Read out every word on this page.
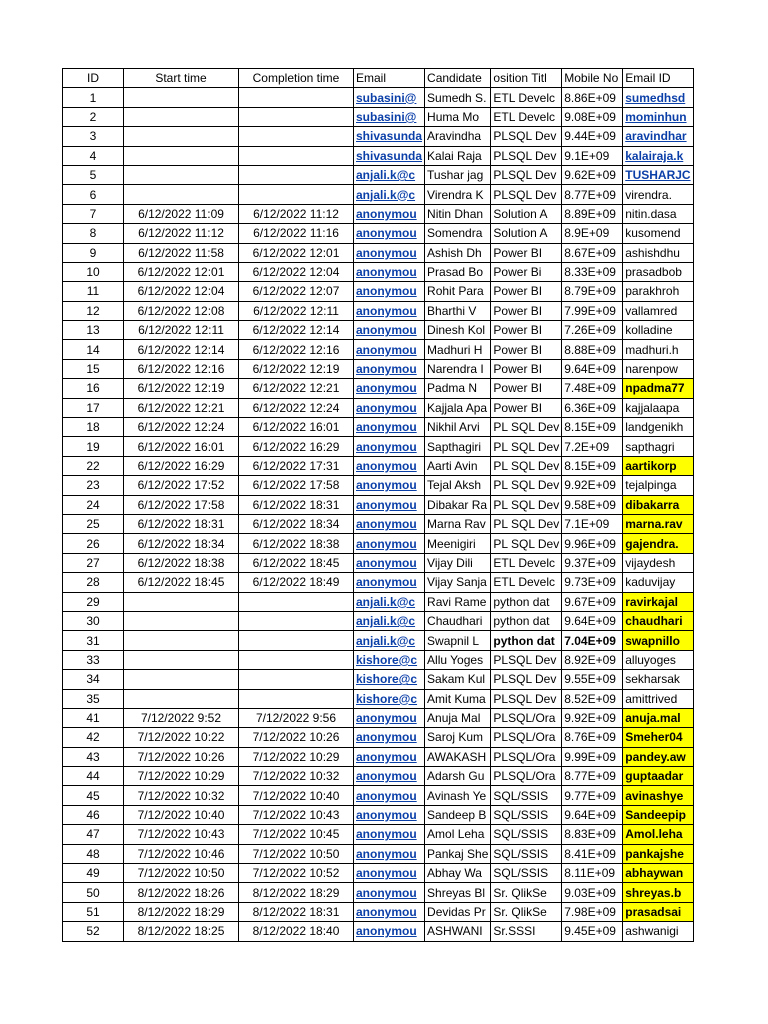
ID	Start time	Completion time	Email	Candidate	osition Titl	Mobile No	Email ID
1			subasini@	Sumedh S.	ETL Develc	8.86E+09	sumedhsd
2			subasini@	Huma Mo	ETL Develc	9.08E+09	mominhun
3			shivasunda	Aravindha	PLSQL Dev	9.44E+09	aravindhar
4			shivasunda	Kalai Raja	PLSQL Dev	9.1E+09	kalairaja.k
5			anjali.k@c	Tushar jag	PLSQL Dev	9.62E+09	TUSHARJC
6			anjali.k@c	Virendra K	PLSQL Dev	8.77E+09	virendra.
7	6/12/2022 11:09	6/12/2022 11:12	anonymou	Nitin Dhan	Solution A	8.89E+09	nitin.dasa
8	6/12/2022 11:12	6/12/2022 11:16	anonymou	Somendra	Solution A	8.9E+09	kusomend
9	6/12/2022 11:58	6/12/2022 12:01	anonymou	Ashish Dh	Power BI	8.67E+09	ashishdhu
10	6/12/2022 12:01	6/12/2022 12:04	anonymou	Prasad Bo	Power Bi	8.33E+09	prasadbob
11	6/12/2022 12:04	6/12/2022 12:07	anonymou	Rohit Para	Power BI	8.79E+09	parakhroh
12	6/12/2022 12:08	6/12/2022 12:11	anonymou	Bharthi V	Power BI	7.99E+09	vallamred
13	6/12/2022 12:11	6/12/2022 12:14	anonymou	Dinesh Kol	Power BI	7.26E+09	kolladine
14	6/12/2022 12:14	6/12/2022 12:16	anonymou	Madhuri H	Power BI	8.88E+09	madhuri.h
15	6/12/2022 12:16	6/12/2022 12:19	anonymou	Narendra I	Power BI	9.64E+09	narenpow
16	6/12/2022 12:19	6/12/2022 12:21	anonymou	Padma N	Power BI	7.48E+09	npadma77
17	6/12/2022 12:21	6/12/2022 12:24	anonymou	Kajjala Apa	Power BI	6.36E+09	kajjalaapa
18	6/12/2022 12:24	6/12/2022 16:01	anonymou	Nikhil Arvi	PL SQL Dev	8.15E+09	landgenikh
19	6/12/2022 16:01	6/12/2022 16:29	anonymou	Sapthagiri	PL SQL Dev	7.2E+09	sapthagri
22	6/12/2022 16:29	6/12/2022 17:31	anonymou	Aarti Avin	PL SQL Dev	8.15E+09	aartikorp
23	6/12/2022 17:52	6/12/2022 17:58	anonymou	Tejal Aksh	PL SQL Dev	9.92E+09	tejalpinga
24	6/12/2022 17:58	6/12/2022 18:31	anonymou	Dibakar Ra	PL SQL Dev	9.58E+09	dibakarra
25	6/12/2022 18:31	6/12/2022 18:34	anonymou	Marna Rav	PL SQL Dev	7.1E+09	marna.rav
26	6/12/2022 18:34	6/12/2022 18:38	anonymou	Meenigiri	PL SQL Dev	9.96E+09	gajendra.
27	6/12/2022 18:38	6/12/2022 18:45	anonymou	Vijay Dili	ETL Develc	9.37E+09	vijaydesh
28	6/12/2022 18:45	6/12/2022 18:49	anonymou	Vijay Sanja	ETL Develc	9.73E+09	kaduvijay
29			anjali.k@c	Ravi Rame	python dat	9.67E+09	ravirkajal
30			anjali.k@c	Chaudhari	python dat	9.64E+09	chaudhari
31			anjali.k@c	Swapnil L	python dat	7.04E+09	swapnillo
33			kishore@c	Allu Yoges	PLSQL Dev	8.92E+09	alluyoges
34			kishore@c	Sakam Kul	PLSQL Dev	9.55E+09	sekharsak
35			kishore@c	Amit Kuma	PLSQL Dev	8.52E+09	amittrived
41	7/12/2022 9:52	7/12/2022 9:56	anonymou	Anuja Mal	PLSQL/Ora	9.92E+09	anuja.mal
42	7/12/2022 10:22	7/12/2022 10:26	anonymou	Saroj Kum	PLSQL/Ora	8.76E+09	Smeher04
43	7/12/2022 10:26	7/12/2022 10:29	anonymou	AWAKASH	PLSQL/Ora	9.99E+09	pandey.aw
44	7/12/2022 10:29	7/12/2022 10:32	anonymou	Adarsh Gu	PLSQL/Ora	8.77E+09	guptaadar
45	7/12/2022 10:32	7/12/2022 10:40	anonymou	Avinash Ye	SQL/SSIS	9.77E+09	avinashye
46	7/12/2022 10:40	7/12/2022 10:43	anonymou	Sandeep B	SQL/SSIS	9.64E+09	Sandeepip
47	7/12/2022 10:43	7/12/2022 10:45	anonymou	Amol Leha	SQL/SSIS	8.83E+09	Amol.leha
48	7/12/2022 10:46	7/12/2022 10:50	anonymou	Pankaj She	SQL/SSIS	8.41E+09	pankajshe
49	7/12/2022 10:50	7/12/2022 10:52	anonymou	Abhay Wa	SQL/SSIS	8.11E+09	abhaywan
50	8/12/2022 18:26	8/12/2022 18:29	anonymou	Shreyas Bl	Sr. QlikSe	9.03E+09	shreyas.b
51	8/12/2022 18:29	8/12/2022 18:31	anonymou	Devidas Pr	Sr. QlikSe	7.98E+09	prasadsai
52	8/12/2022 18:25	8/12/2022 18:40	anonymou	ASHWANI	Sr.SSSI	9.45E+09	ashwanigi
